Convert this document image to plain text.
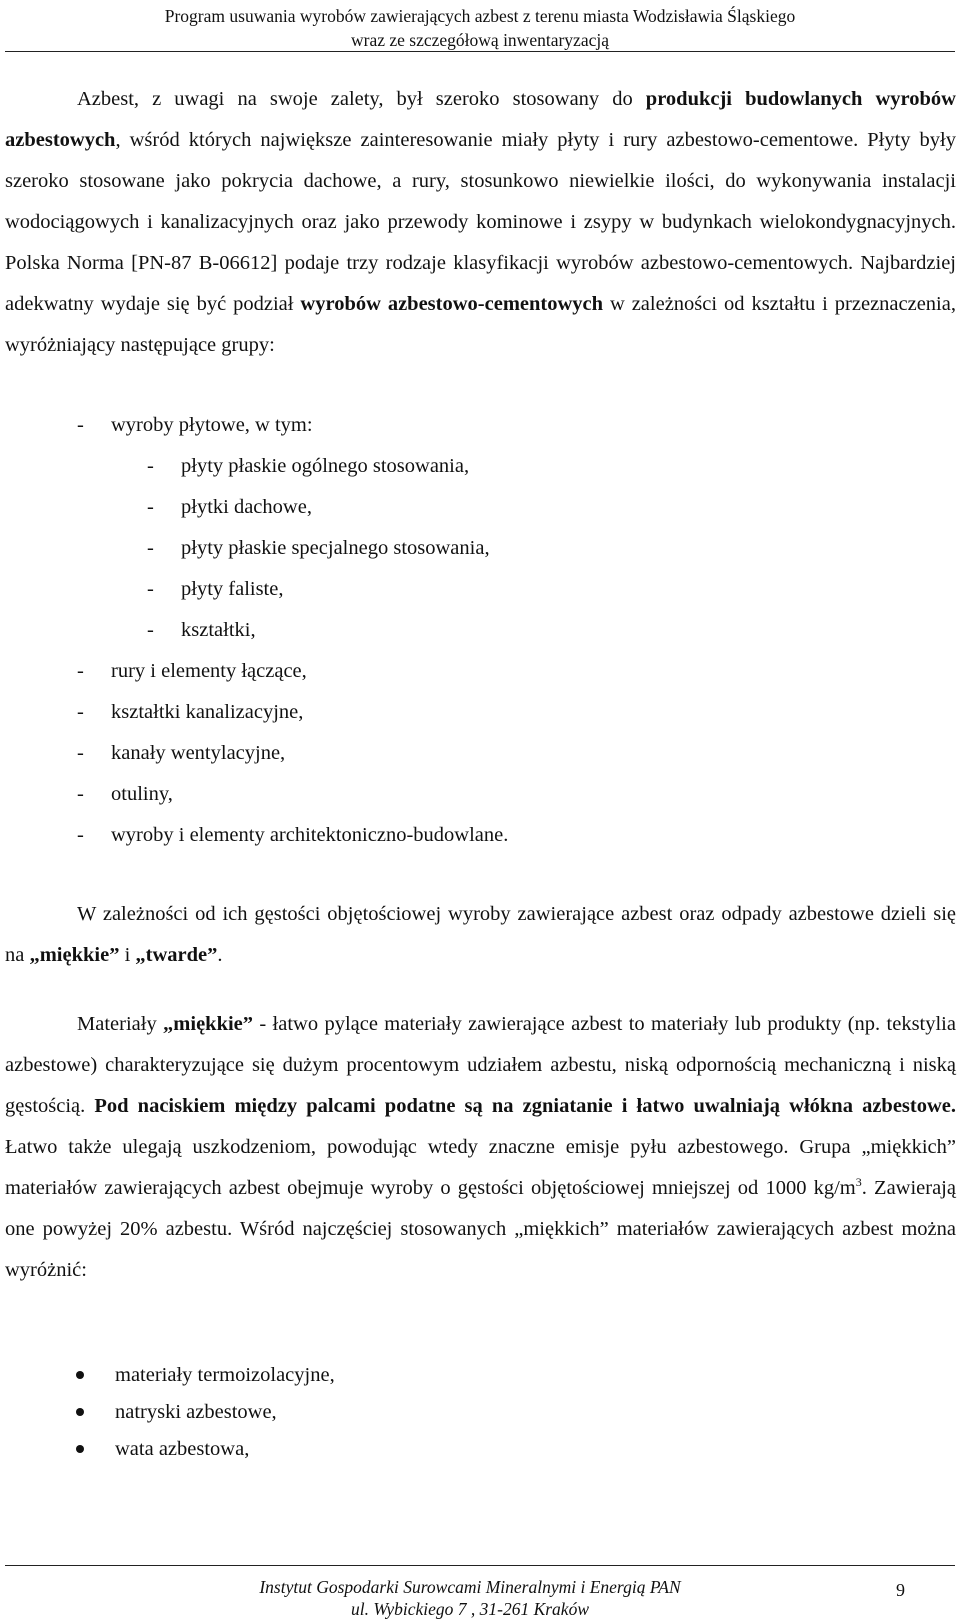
Program usuwania wyrobów zawierających azbest z terenu miasta Wodzisławia Śląskiego
wraz ze szczegółową inwentaryzacją

Azbest, z uwagi na swoje zalety, był szeroko stosowany do produkcji budowlanych wyrobów azbestowych, wśród których największe zainteresowanie miały płyty i rury azbestowo-cementowe. Płyty były szeroko stosowane jako pokrycia dachowe, a rury, stosunkowo niewielkie ilości, do wykonywania instalacji wodociągowych i kanalizacyjnych oraz jako przewody kominowe i zsypy w budynkach wielokondygnacyjnych. Polska Norma [PN-87 B-06612] podaje trzy rodzaje klasyfikacji wyrobów azbestowo-cementowych. Najbardziej adekwatny wydaje się być podział wyrobów azbestowo-cementowych w zależności od kształtu i przeznaczenia, wyróżniający następujące grupy:

- wyroby płytowe, w tym:
- płyty płaskie ogólnego stosowania,
- płytki dachowe,
- płyty płaskie specjalnego stosowania,
- płyty faliste,
- kształtki,
- rury i elementy łączące,
- kształtki kanalizacyjne,
- kanały wentylacyjne,
- otuliny,
- wyroby i elementy architektoniczno-budowlane.

W zależności od ich gęstości objętościowej wyroby zawierające azbest oraz odpady azbestowe dzieli się na „miękkie” i „twarde”.

Materiały „miękkie” - łatwo pylące materiały zawierające azbest to materiały lub produkty (np. tekstylia azbestowe) charakteryzujące się dużym procentowym udziałem azbestu, niską odpornością mechaniczną i niską gęstością. Pod naciskiem między palcami podatne są na zgniatanie i łatwo uwalniają włókna azbestowe. Łatwo także ulegają uszkodzeniom, powodując wtedy znaczne emisje pyłu azbestowego. Grupa „miękkich” materiałów zawierających azbest obejmuje wyroby o gęstości objętościowej mniejszej od 1000 $kg/m^3$. Zawierają one powyżej 20% azbestu. Wśród najczęściej stosowanych „miękkich” materiałów zawierających azbest można wyróżnić:

materiały termoizolacyjne,
natryski azbestowe,
wata azbestowa,
Instytut Gospodarki Surowcami Mineralnymi i Energią PAN
ul. Wybickiego 7 , 31-261 Kraków
9
